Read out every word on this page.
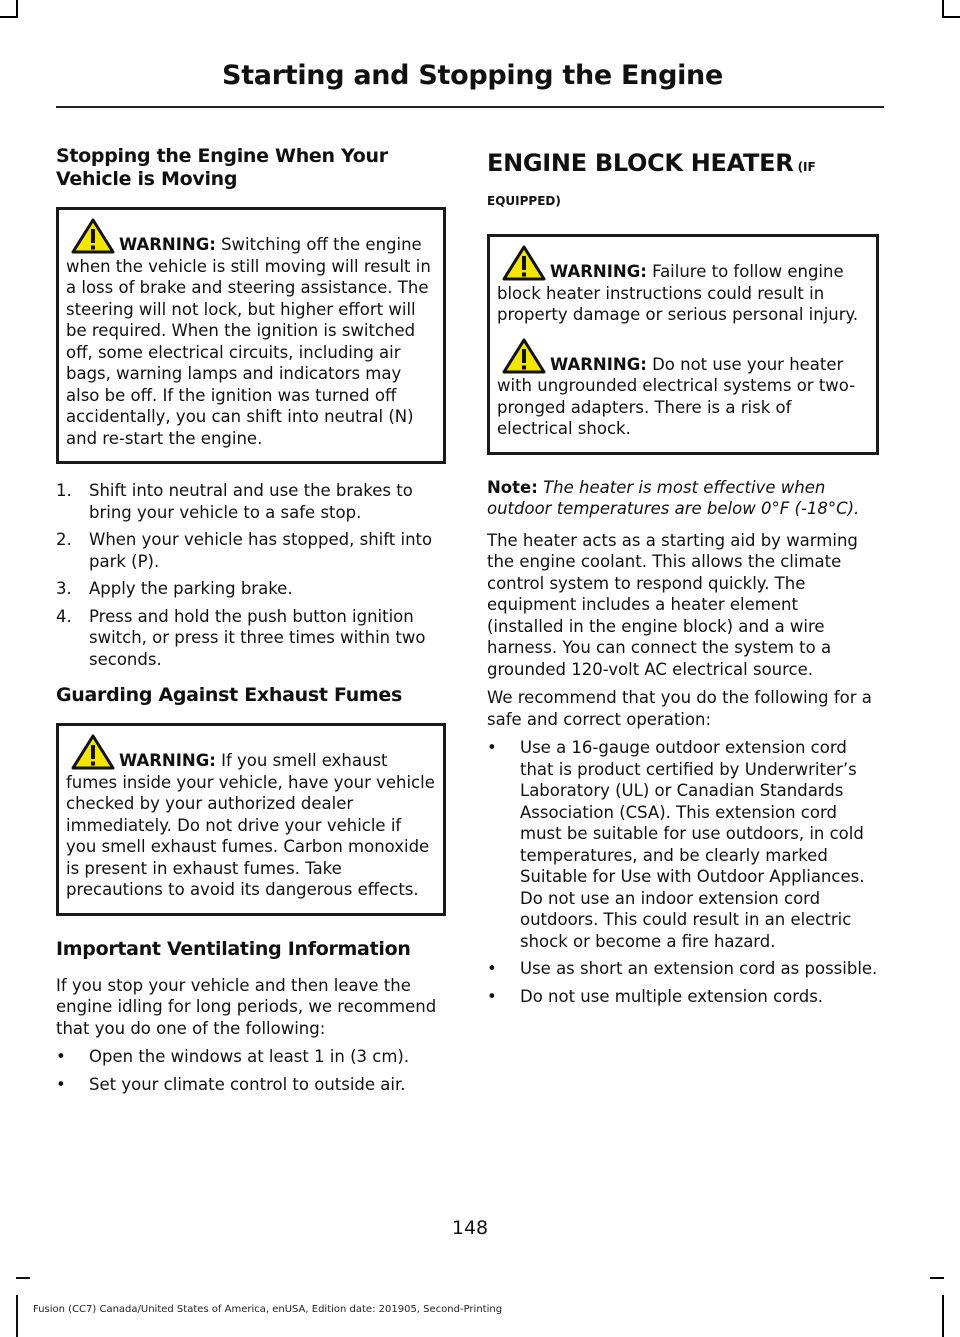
Starting and Stopping the Engine
Stopping the Engine When Your Vehicle is Moving

WARNING: Switching off the engine when the vehicle is still moving will result in a loss of brake and steering assistance. The steering will not lock, but higher effort will be required. When the ignition is switched off, some electrical circuits, including air bags, warning lamps and indicators may also be off. If the ignition was turned off accidentally, you can shift into neutral (N) and re-start the engine.

1. Shift into neutral and use the brakes to bring your vehicle to a safe stop.
2. When your vehicle has stopped, shift into park (P).
3. Apply the parking brake.
4. Press and hold the push button ignition switch, or press it three times within two seconds.
Guarding Against Exhaust Fumes

WARNING: If you smell exhaust fumes inside your vehicle, have your vehicle checked by your authorized dealer immediately. Do not drive your vehicle if you smell exhaust fumes. Carbon monoxide is present in exhaust fumes. Take precautions to avoid its dangerous effects.

Important Ventilating Information

If you stop your vehicle and then leave the engine idling for long periods, we recommend that you do one of the following:

• Open the windows at least 1 in (3 cm).
• Set your climate control to outside air.
ENGINE BLOCK HEATER (IF EQUIPPED)

WARNING: Failure to follow engine block heater instructions could result in property damage or serious personal injury.

WARNING: Do not use your heater with ungrounded electrical systems or two-pronged adapters. There is a risk of electrical shock.

Note: The heater is most effective when outdoor temperatures are below 0°F (-18°C).

The heater acts as a starting aid by warming the engine coolant. This allows the climate control system to respond quickly. The equipment includes a heater element (installed in the engine block) and a wire harness. You can connect the system to a grounded 120-volt AC electrical source.

We recommend that you do the following for a safe and correct operation:

• Use a 16-gauge outdoor extension cord that is product certified by Underwriter’s Laboratory (UL) or Canadian Standards Association (CSA). This extension cord must be suitable for use outdoors, in cold temperatures, and be clearly marked Suitable for Use with Outdoor Appliances. Do not use an indoor extension cord outdoors. This could result in an electric shock or become a fire hazard.
• Use as short an extension cord as possible.
• Do not use multiple extension cords.

148

Fusion (CC7) Canada/United States of America, enUSA, Edition date: 201905, Second-Printing
